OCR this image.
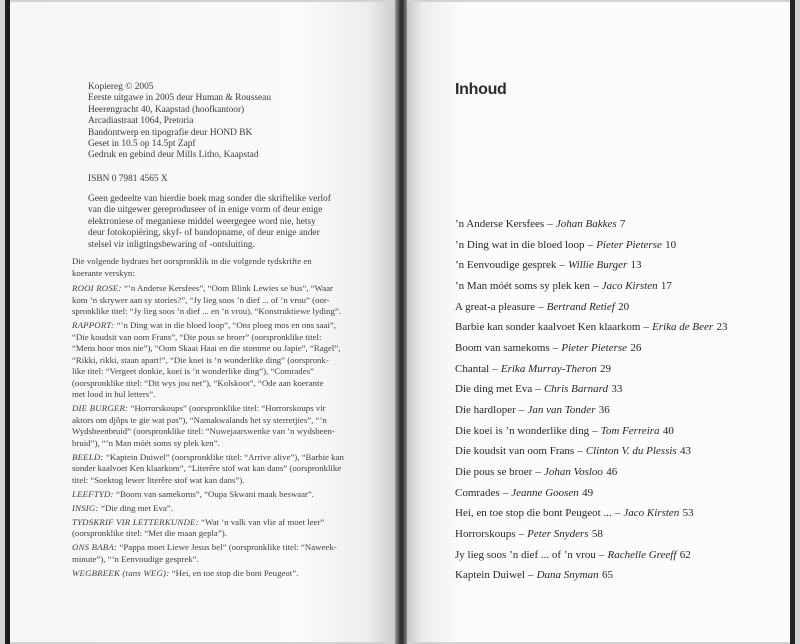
Kopiereg © 2005
Eerste uitgawe in 2005 deur Human & Rousseau
Heerengracht 40, Kaapstad (hoofkantoor)
Arcadiastraat 1064, Pretoria
Bandontwerp en tipografie deur HOND BK
Geset in 10.5 op 14.5pt Zapf
Gedruk en gebind deur Mills Litho, Kaapstad
ISBN 0 7981 4565 X
Geen gedeelte van hierdie boek mag sonder die skriftelike verlof
van die uitgewer gereproduseer of in enige vorm of deur enige
elektroniese of meganiese middel weergegee word nie, hetsy
deur fotokopiëring, skyf- of bandopname, of deur enige ander
stelsel vir inligtingsbewaring of -ontsluiting.
Die volgende bydraes het oorspronklik in die volgende tydskrifte en
koerante verskyn:
ROOI ROSE: “’n Anderse Kersfees”, “Oom Blink Lewies se bus”, “Waar
kom ’n skrywer aan sy stories?”, “Jy lieg soos ’n dief ... of ’n vrou” (oor-
spronklike titel: “Jy lieg soos ’n dief ... en ’n vrou), “Konstruktiewe lyding”.
RAPPORT: “’n Ding wat in die bloed loop”, “Ons ploeg mos en ons saai”,
“Die koudsit van oom Frans”, “Die pous se broer” (oorspronklike titel:
“Mens hoor mos nie”), “Oom Skaai Haai en die stomme ou Japie”, “Ragel”,
“Rikki, rikki, staan apart!”, “Die koei is ’n wonderlike ding” (oorspronk-
like titel: “Vergeet donkie, koei is ’n wonderlike ding”), “Comrades”
(oorspronklike titel: “Dit wys jou net”), “Kolskoot”, “Ode aan koerante
met lood in hul letters”.
DIE BURGER: “Horrorskoups” (oorspronklike titel: “Horrorskoups vir
aktors om djôps te gie wat pas”), “Namakwalands het sy sterretjies”, “’n
Wydsbeenbruid” (oorspronklike titel: “Nuwejaarswenke van ’n wydsbeen-
bruid”), “’n Man móét soms sy plek ken”.
BEELD: “Kaptein Duiwel” (oorspronklike titel: “Arrive alive”), “Barbie kan
sonder kaalvoet Ken klaarkom”, “Literêre stof wat kan dans” (oorspronklike
titel: “Soektog lewer literêre stof wat kan dans”).
LEEFTYD: “Boom van samekoms”, “Oupa Skwani maak beswaar”.
INSIG: “Die ding met Eva”.
TYDSKRIF VIR LETTERKUNDE: “Wat ’n valk van vlie af moet leer”
(oorspronklike titel: “Met die maan gepla”).
ONS BABA: “Pappa moet Liewe Jesus bel” (oorspronklike titel: “Naweek-
minute”), “’n Eenvoudige gesprek”.
WEGBREEK (tans WEG): “Hei, en toe stop die bont Peugeot”.
Inhoud
’n Anderse Kersfees – Johan Bakkes 7
’n Ding wat in die bloed loop – Pieter Pieterse 10
’n Eenvoudige gesprek – Willie Burger 13
’n Man móét soms sy plek ken – Jaco Kirsten 17
A great-a pleasure – Bertrand Retief 20
Barbie kan sonder kaalvoet Ken klaarkom – Erika de Beer 23
Boom van samekoms – Pieter Pieterse 26
Chantal – Erika Murray-Theron 29
Die ding met Eva – Chris Barnard 33
Die hardloper – Jan van Tonder 36
Die koei is ’n wonderlike ding – Tom Ferreira 40
Die koudsit van oom Frans – Clinton V. du Plessis 43
Die pous se broer – Johan Vosloo 46
Comrades – Jeanne Goosen 49
Hei, en toe stop die bont Peugeot ... – Jaco Kirsten 53
Horrorskoups – Peter Snyders 58
Jy lieg soos ’n dief ... of ’n vrou – Rachelle Greeff 62
Kaptein Duiwel – Dana Snyman 65
